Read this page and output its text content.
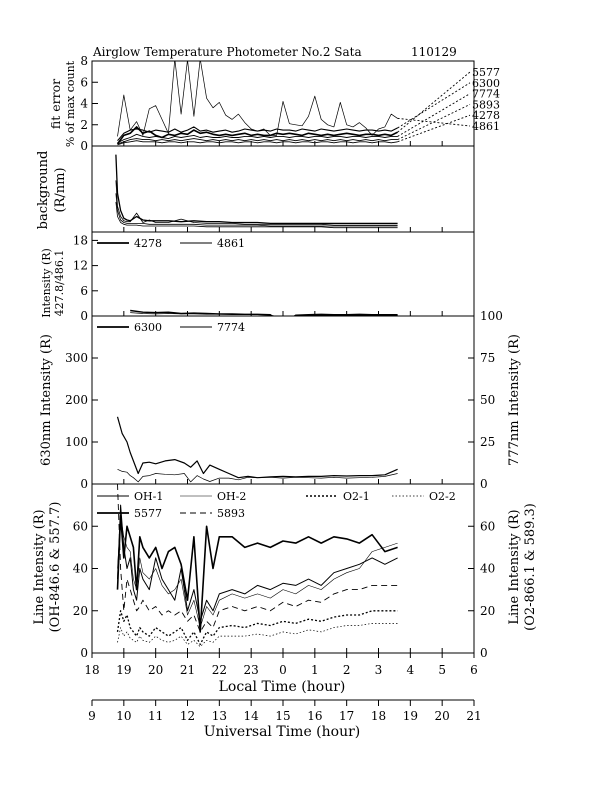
Airglow Temperature Photometer No.2 Sata	110129
fit error % of max count
background (R/nm)
Intensity (R) 427.8/486.1
630nm Intensity (R)	777nm Intensity (R)
Line Intensity (R) (OH-846.6 & 557.7)	Line Intensity (R) (O2-866.1 & 589.3)
Local Time (hour)
Universal Time (hour)
0
2
4
6
8
0
6
12
18
0
100
200
300
0
25
50
75
100
0
20
40
60
0
20
40
60
5577
6300
7774
5893
4278
4861
4278	4861
6300	7774
OH-1	OH-2	O2-1	O2-2
5577	5893
18 19 20 21 22 23 0 1 2 3 4 5 6
9 10 11 12 13 14 15 16 17 18 19 20 21
